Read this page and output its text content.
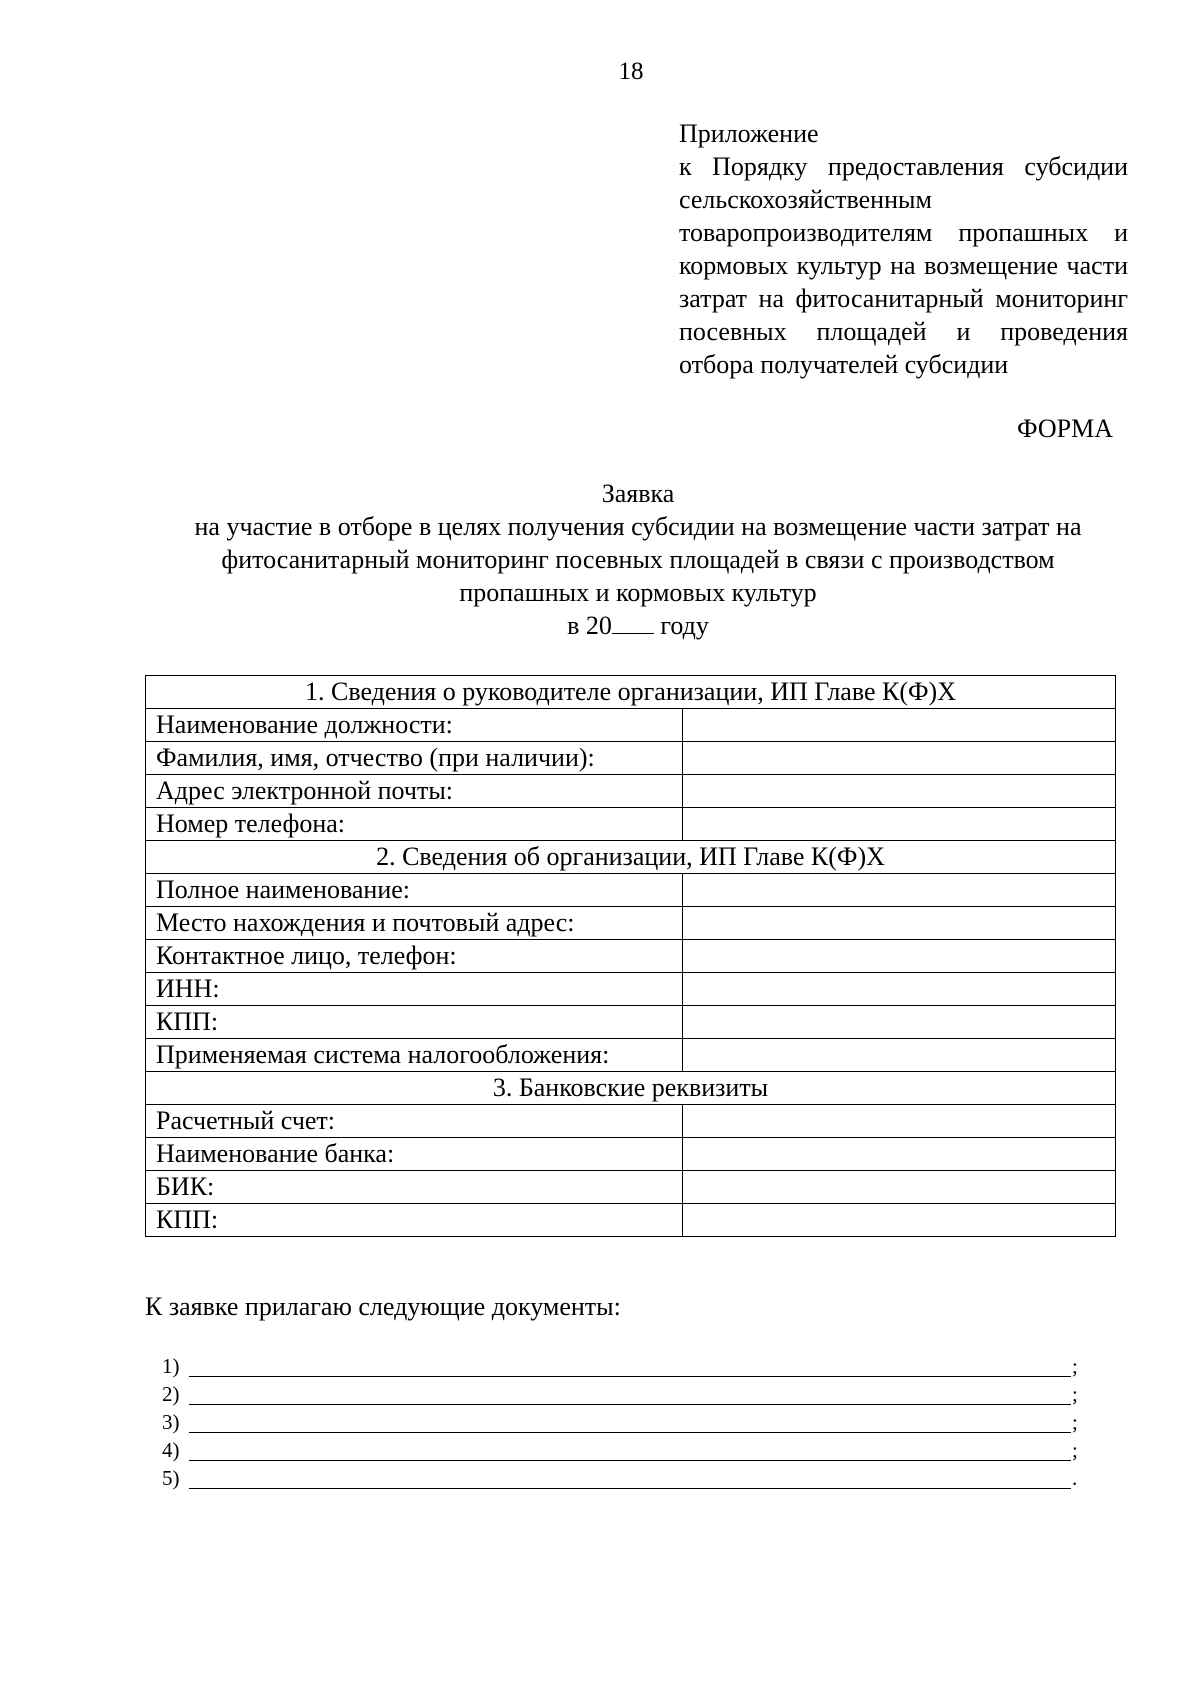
18
Приложение
к Порядку предоставления субсидии сельскохозяйственным товаропроизводителям пропашных и кормовых культур на возмещение части затрат на фитосанитарный мониторинг посевных площадей и проведения отбора получателей субсидии
ФОРМА
Заявка
на участие в отборе в целях получения субсидии на возмещение части затрат на
фитосанитарный мониторинг посевных площадей в связи с производством
пропашных и кормовых культур
в 20 году
1. Сведения о руководителе организации, ИП Главе К(Ф)Х	
Наименование должности:	
Фамилия, имя, отчество (при наличии):	
Адрес электронной почты:	
Номер телефона:	
2. Сведения об организации, ИП Главе К(Ф)Х	
Полное наименование:	
Место нахождения и почтовый адрес:	
Контактное лицо, телефон:	
ИНН:	
КПП:	
Применяемая система налогообложения:	
3. Банковские реквизиты	
Расчетный счет:	
Наименование банка:	
БИК:	
КПП:	
К заявке прилагаю следующие документы:
1)	;
2)	;
3)	;
4)	;
5)	.
